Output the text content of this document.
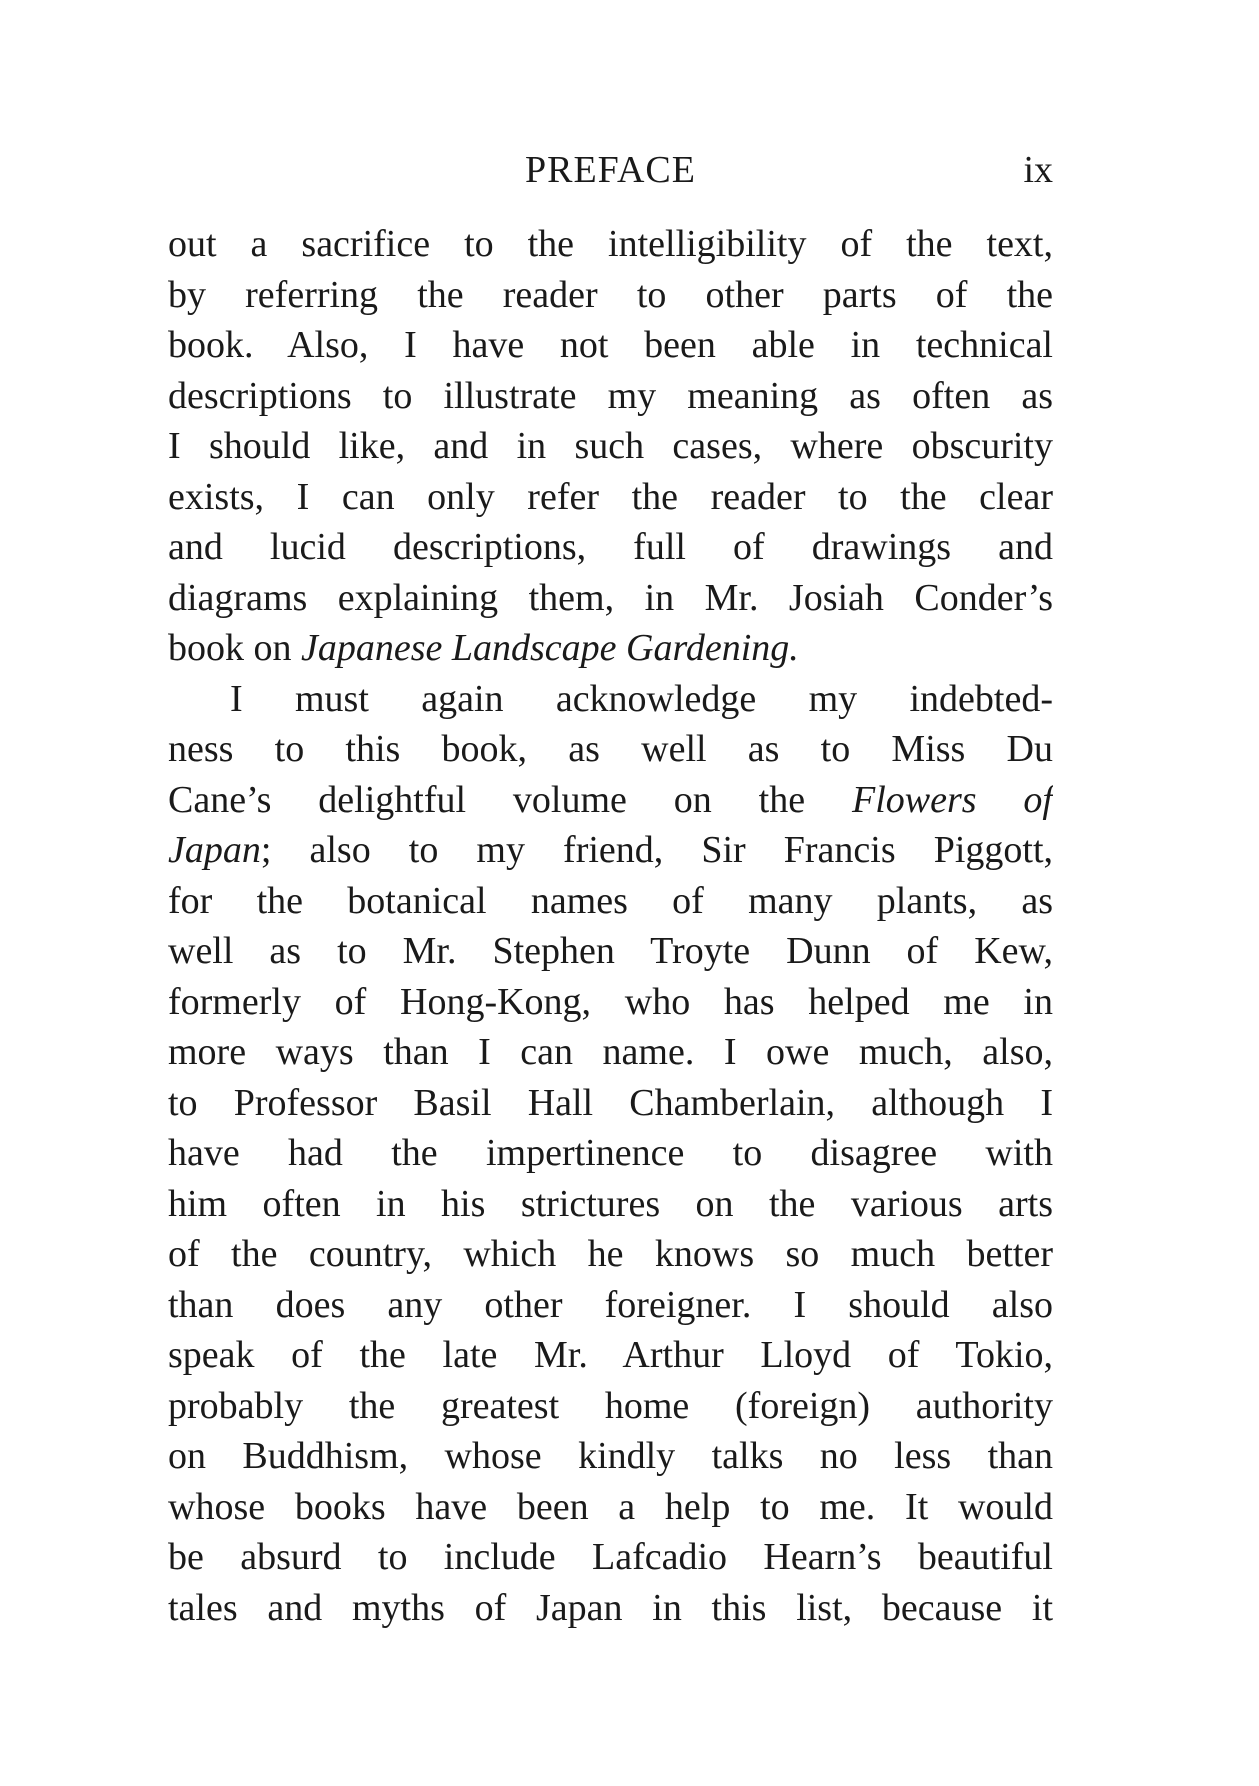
PREFACE	ix
out a sacrifice to the intelligibility of the text,
by referring the reader to other parts of the
book. Also, I have not been able in technical
descriptions to illustrate my meaning as often as
I should like, and in such cases, where obscurity
exists, I can only refer the reader to the clear
and lucid descriptions, full of drawings and
diagrams explaining them, in Mr. Josiah Conder’s
book on Japanese Landscape Gardening.
I must again acknowledge my indebted-
ness to this book, as well as to Miss Du
Cane’s delightful volume on the Flowers of
Japan; also to my friend, Sir Francis Piggott,
for the botanical names of many plants, as
well as to Mr. Stephen Troyte Dunn of Kew,
formerly of Hong-Kong, who has helped me in
more ways than I can name. I owe much, also,
to Professor Basil Hall Chamberlain, although I
have had the impertinence to disagree with
him often in his strictures on the various arts
of the country, which he knows so much better
than does any other foreigner. I should also
speak of the late Mr. Arthur Lloyd of Tokio,
probably the greatest home (foreign) authority
on Buddhism, whose kindly talks no less than
whose books have been a help to me. It would
be absurd to include Lafcadio Hearn’s beautiful
tales and myths of Japan in this list, because it
